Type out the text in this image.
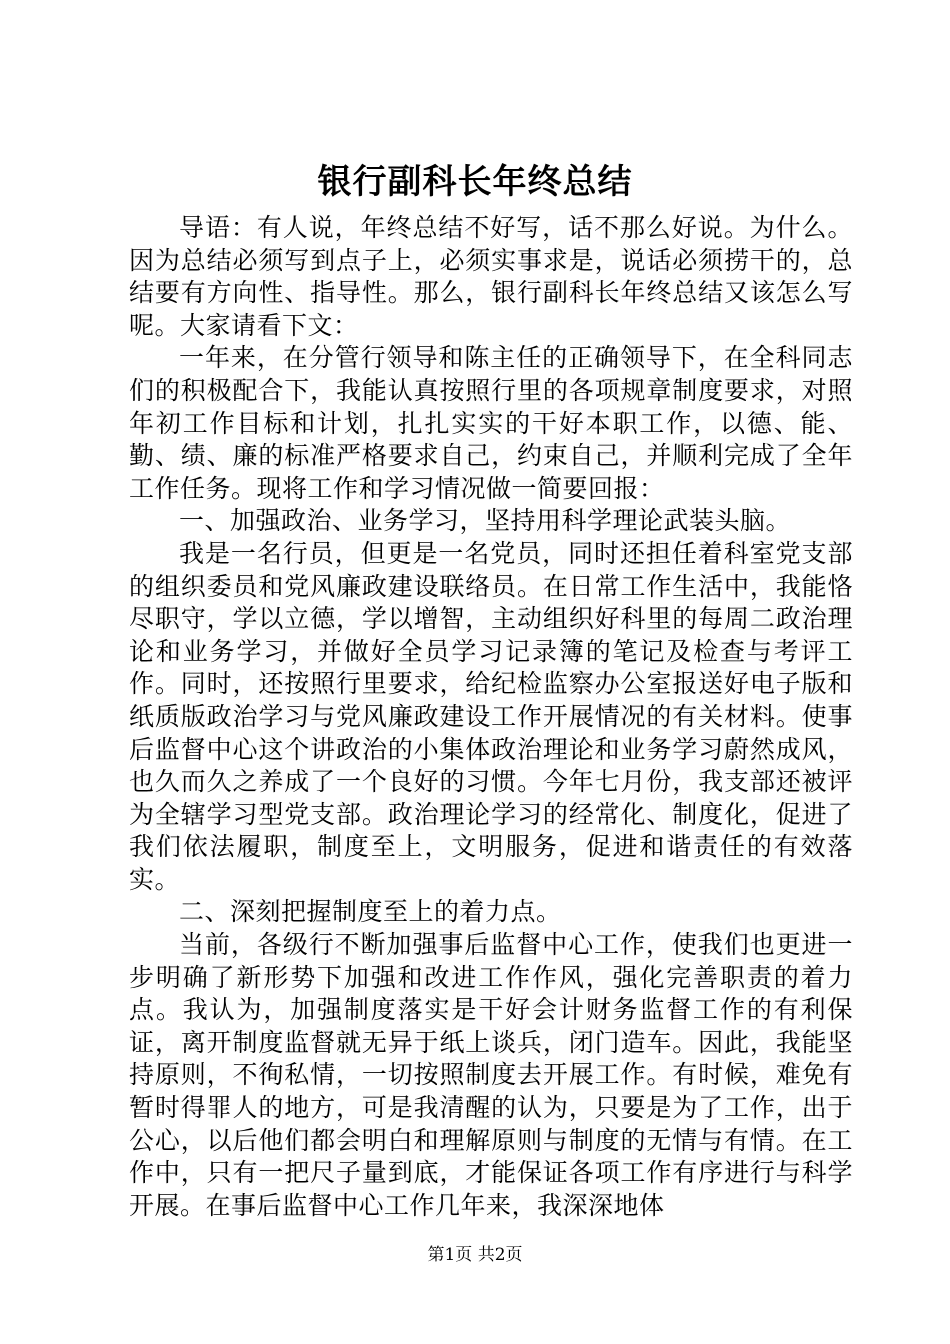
银行副科长年终总结

导语：有人说，年终总结不好写，话不那么好说。为什么。因为总结必须写到点子上，必须实事求是，说话必须捞干的，总结要有方向性、指导性。那么，银行副科长年终总结又该怎么写呢。大家请看下文：

一年来，在分管行领导和陈主任的正确领导下，在全科同志们的积极配合下，我能认真按照行里的各项规章制度要求，对照年初工作目标和计划，扎扎实实的干好本职工作，以德、能、勤、绩、廉的标准严格要求自己，约束自己，并顺利完成了全年工作任务。现将工作和学习情况做一简要回报：

一、加强政治、业务学习，坚持用科学理论武装头脑。

我是一名行员，但更是一名党员，同时还担任着科室党支部的组织委员和党风廉政建设联络员。在日常工作生活中，我能恪尽职守，学以立德，学以增智，主动组织好科里的每周二政治理论和业务学习，并做好全员学习记录簿的笔记及检查与考评工作。同时，还按照行里要求，给纪检监察办公室报送好电子版和纸质版政治学习与党风廉政建设工作开展情况的有关材料。使事后监督中心这个讲政治的小集体政治理论和业务学习蔚然成风，也久而久之养成了一个良好的习惯。今年七月份，我支部还被评为全辖学习型党支部。政治理论学习的经常化、制度化，促进了我们依法履职，制度至上，文明服务，促进和谐责任的有效落实。

二、深刻把握制度至上的着力点。

当前，各级行不断加强事后监督中心工作，使我们也更进一步明确了新形势下加强和改进工作作风，强化完善职责的着力点。我认为，加强制度落实是干好会计财务监督工作的有利保证，离开制度监督就无异于纸上谈兵，闭门造车。因此，我能坚持原则，不徇私情，一切按照制度去开展工作。有时候，难免有暂时得罪人的地方，可是我清醒的认为，只要是为了工作，出于公心，以后他们都会明白和理解原则与制度的无情与有情。在工作中，只有一把尺子量到底，才能保证各项工作有序进行与科学开展。在事后监督中心工作几年来，我深深地体

第1页 共2页
